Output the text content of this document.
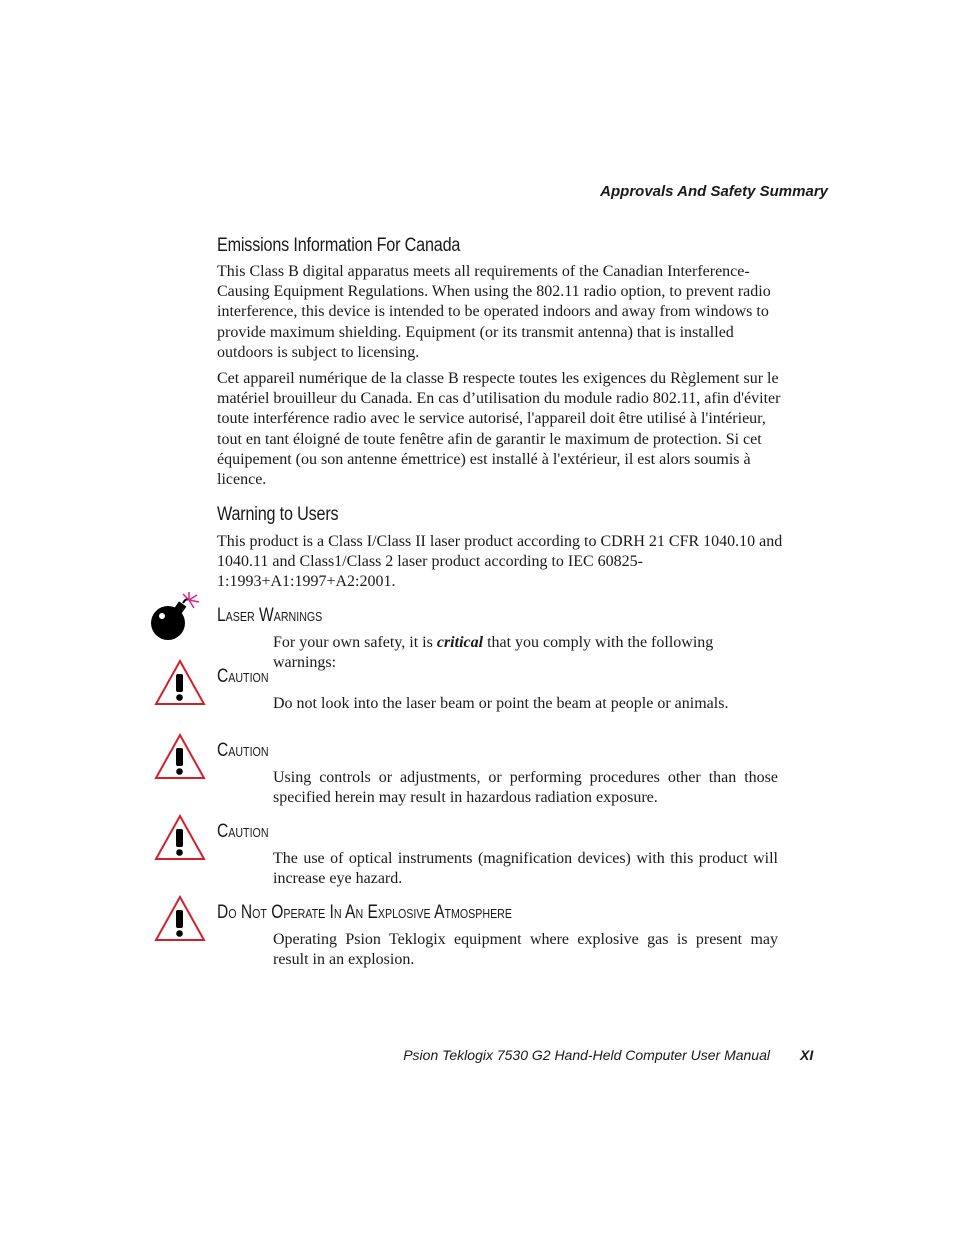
Approvals And Safety Summary
Emissions Information For Canada

This Class B digital apparatus meets all requirements of the Canadian Interference-Causing Equipment Regulations. When using the 802.11 radio option, to prevent radio interference, this device is intended to be operated indoors and away from windows to provide maximum shielding. Equipment (or its transmit antenna) that is installed outdoors is subject to licensing.

Cet appareil numérique de la classe B respecte toutes les exigences du Règlement sur le matériel brouilleur du Canada. En cas d’utilisation du module radio 802.11, afin d'éviter toute interférence radio avec le service autorisé, l'appareil doit être utilisé à l'intérieur, tout en tant éloigné de toute fenêtre afin de garantir le maximum de protection. Si cet équipement (ou son antenne émettrice) est installé à l'extérieur, il est alors soumis à licence.

Warning to Users

This product is a Class I/Class II laser product according to CDRH 21 CFR 1040.10 and 1040.11 and Class1/Class 2 laser product according to IEC 60825-1:1993+A1:1997+A2:2001.

Laser Warnings

For your own safety, it is critical that you comply with the following warnings:

Caution

Do not look into the laser beam or point the beam at people or animals.

Caution

Using controls or adjustments, or performing procedures other than those specified herein may result in hazardous radiation exposure.

Caution

The use of optical instruments (magnification devices) with this product will increase eye hazard.

Do Not Operate In An Explosive Atmosphere

Operating Psion Teklogix equipment where explosive gas is present may result in an explosion.

Psion Teklogix 7530 G2 Hand-Held Computer User Manual XI
